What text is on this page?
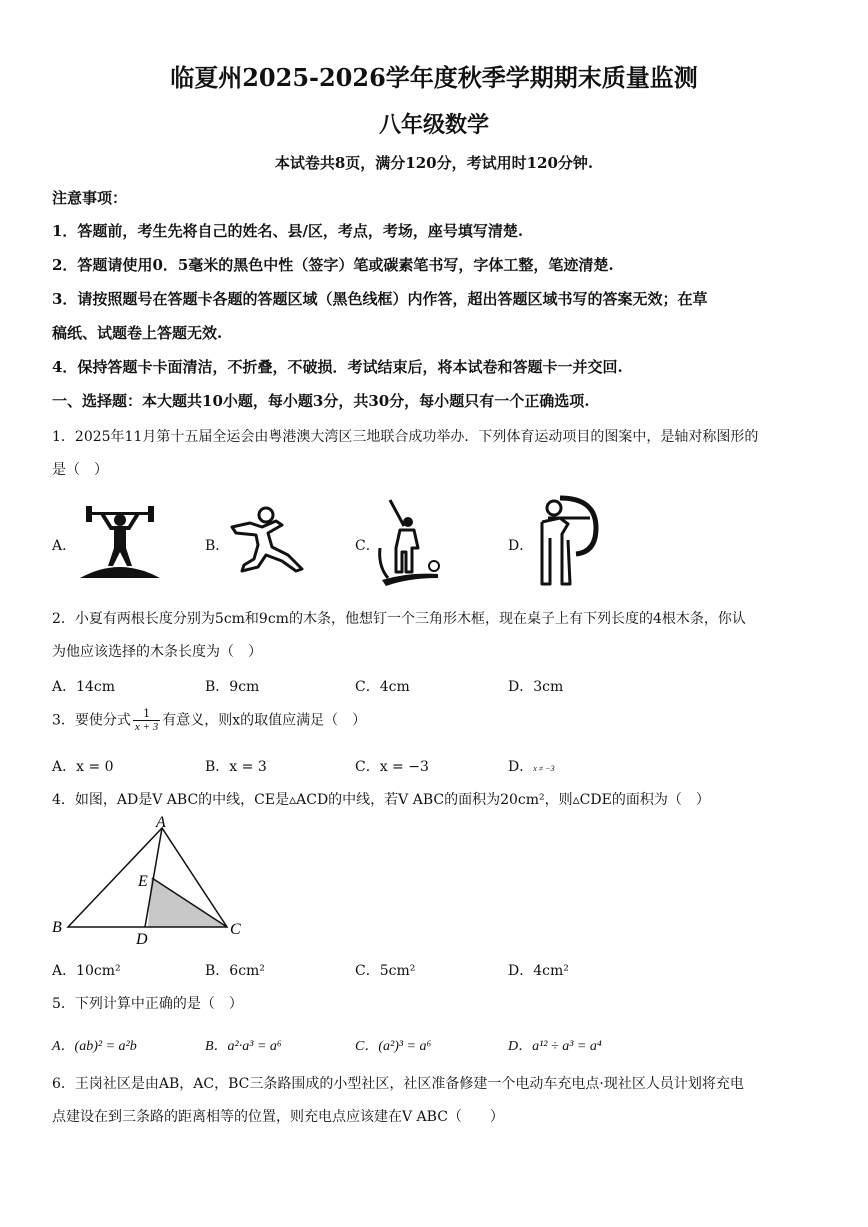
临夏州2025-2026学年度秋季学期期末质量监测
八年级数学
本试卷共8页，满分120分，考试用时120分钟.
注意事项：
1．答题前，考生先将自己的姓名、县/区，考点，考场，座号填写清楚.
2．答题请使用0．5毫米的黑色中性（签字）笔或碳素笔书写，字体工整，笔迹清楚.
3．请按照题号在答题卡各题的答题区域（黑色线框）内作答，超出答题区域书写的答案无效；在草
稿纸、试题卷上答题无效.
4．保持答题卡卡面清洁，不折叠，不破损．考试结束后，将本试卷和答题卡一并交回.
一、选择题：本大题共10小题，每小题3分，共30分，每小题只有一个正确选项.
1．2025年11月第十五届全运会由粤港澳大湾区三地联合成功举办．下列体育运动项目的图案中，是轴对称图形的
是（　）
A．	B．	C．	D．
2．小夏有两根长度分别为5cm和9cm的木条，他想钉一个三角形木框，现在桌子上有下列长度的4根木条，你认
为他应该选择的木条长度为（　）
A．14cm	B．9cm	C．4cm	D．3cm
3．要使分式 $\frac{1}{x + 3}$ 有意义，则x的取值应满足（　）
A．x = 0	B．x = 3	C．x = −3	D．x ≠ −3
4．如图，AD是V ABC的中线，CE是▵ACD的中线，若V ABC的面积为20cm²，则▵CDE的面积为（　）
A
B	C
D
E
A．10cm²	B．6cm²	C．5cm²	D．4cm²
5．下列计算中正确的是（　）
A．(ab)² = a²b	B．a²·a³ = a⁶	C．(a²)³ = a⁶	D．a¹² ÷ a³ = a⁴
6．王岗社区是由AB，AC，BC三条路围成的小型社区，社区准备修建一个电动车充电点·现社区人员计划将充电
点建设在到三条路的距离相等的位置，则充电点应该建在V ABC（　　）
